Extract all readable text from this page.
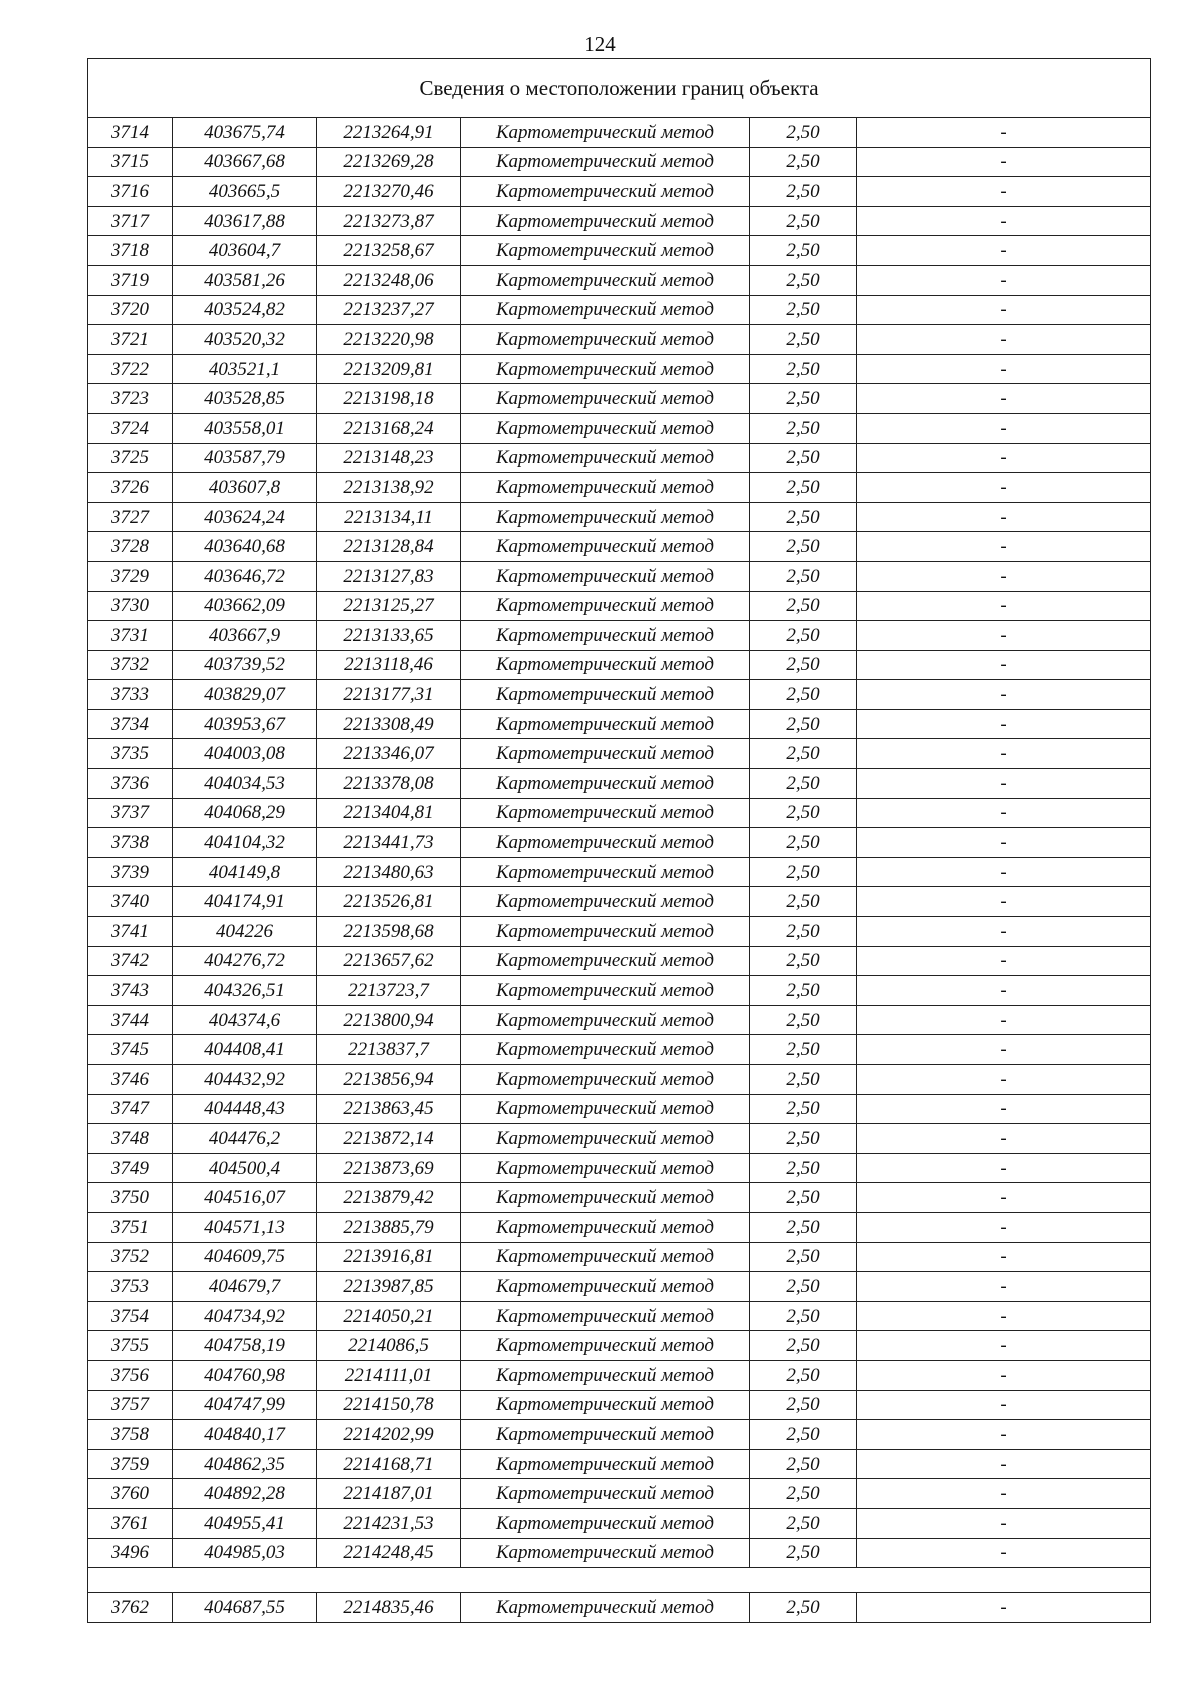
124
Сведения о местоположении границ объекта					
3714	403675,74	2213264,91	Картометрический метод	2,50	-
3715	403667,68	2213269,28	Картометрический метод	2,50	-
3716	403665,5	2213270,46	Картометрический метод	2,50	-
3717	403617,88	2213273,87	Картометрический метод	2,50	-
3718	403604,7	2213258,67	Картометрический метод	2,50	-
3719	403581,26	2213248,06	Картометрический метод	2,50	-
3720	403524,82	2213237,27	Картометрический метод	2,50	-
3721	403520,32	2213220,98	Картометрический метод	2,50	-
3722	403521,1	2213209,81	Картометрический метод	2,50	-
3723	403528,85	2213198,18	Картометрический метод	2,50	-
3724	403558,01	2213168,24	Картометрический метод	2,50	-
3725	403587,79	2213148,23	Картометрический метод	2,50	-
3726	403607,8	2213138,92	Картометрический метод	2,50	-
3727	403624,24	2213134,11	Картометрический метод	2,50	-
3728	403640,68	2213128,84	Картометрический метод	2,50	-
3729	403646,72	2213127,83	Картометрический метод	2,50	-
3730	403662,09	2213125,27	Картометрический метод	2,50	-
3731	403667,9	2213133,65	Картометрический метод	2,50	-
3732	403739,52	2213118,46	Картометрический метод	2,50	-
3733	403829,07	2213177,31	Картометрический метод	2,50	-
3734	403953,67	2213308,49	Картометрический метод	2,50	-
3735	404003,08	2213346,07	Картометрический метод	2,50	-
3736	404034,53	2213378,08	Картометрический метод	2,50	-
3737	404068,29	2213404,81	Картометрический метод	2,50	-
3738	404104,32	2213441,73	Картометрический метод	2,50	-
3739	404149,8	2213480,63	Картометрический метод	2,50	-
3740	404174,91	2213526,81	Картометрический метод	2,50	-
3741	404226	2213598,68	Картометрический метод	2,50	-
3742	404276,72	2213657,62	Картометрический метод	2,50	-
3743	404326,51	2213723,7	Картометрический метод	2,50	-
3744	404374,6	2213800,94	Картометрический метод	2,50	-
3745	404408,41	2213837,7	Картометрический метод	2,50	-
3746	404432,92	2213856,94	Картометрический метод	2,50	-
3747	404448,43	2213863,45	Картометрический метод	2,50	-
3748	404476,2	2213872,14	Картометрический метод	2,50	-
3749	404500,4	2213873,69	Картометрический метод	2,50	-
3750	404516,07	2213879,42	Картометрический метод	2,50	-
3751	404571,13	2213885,79	Картометрический метод	2,50	-
3752	404609,75	2213916,81	Картометрический метод	2,50	-
3753	404679,7	2213987,85	Картометрический метод	2,50	-
3754	404734,92	2214050,21	Картометрический метод	2,50	-
3755	404758,19	2214086,5	Картометрический метод	2,50	-
3756	404760,98	2214111,01	Картометрический метод	2,50	-
3757	404747,99	2214150,78	Картометрический метод	2,50	-
3758	404840,17	2214202,99	Картометрический метод	2,50	-
3759	404862,35	2214168,71	Картометрический метод	2,50	-
3760	404892,28	2214187,01	Картометрический метод	2,50	-
3761	404955,41	2214231,53	Картометрический метод	2,50	-
3496	404985,03	2214248,45	Картометрический метод	2,50	-

3762	404687,55	2214835,46	Картометрический метод	2,50	-
